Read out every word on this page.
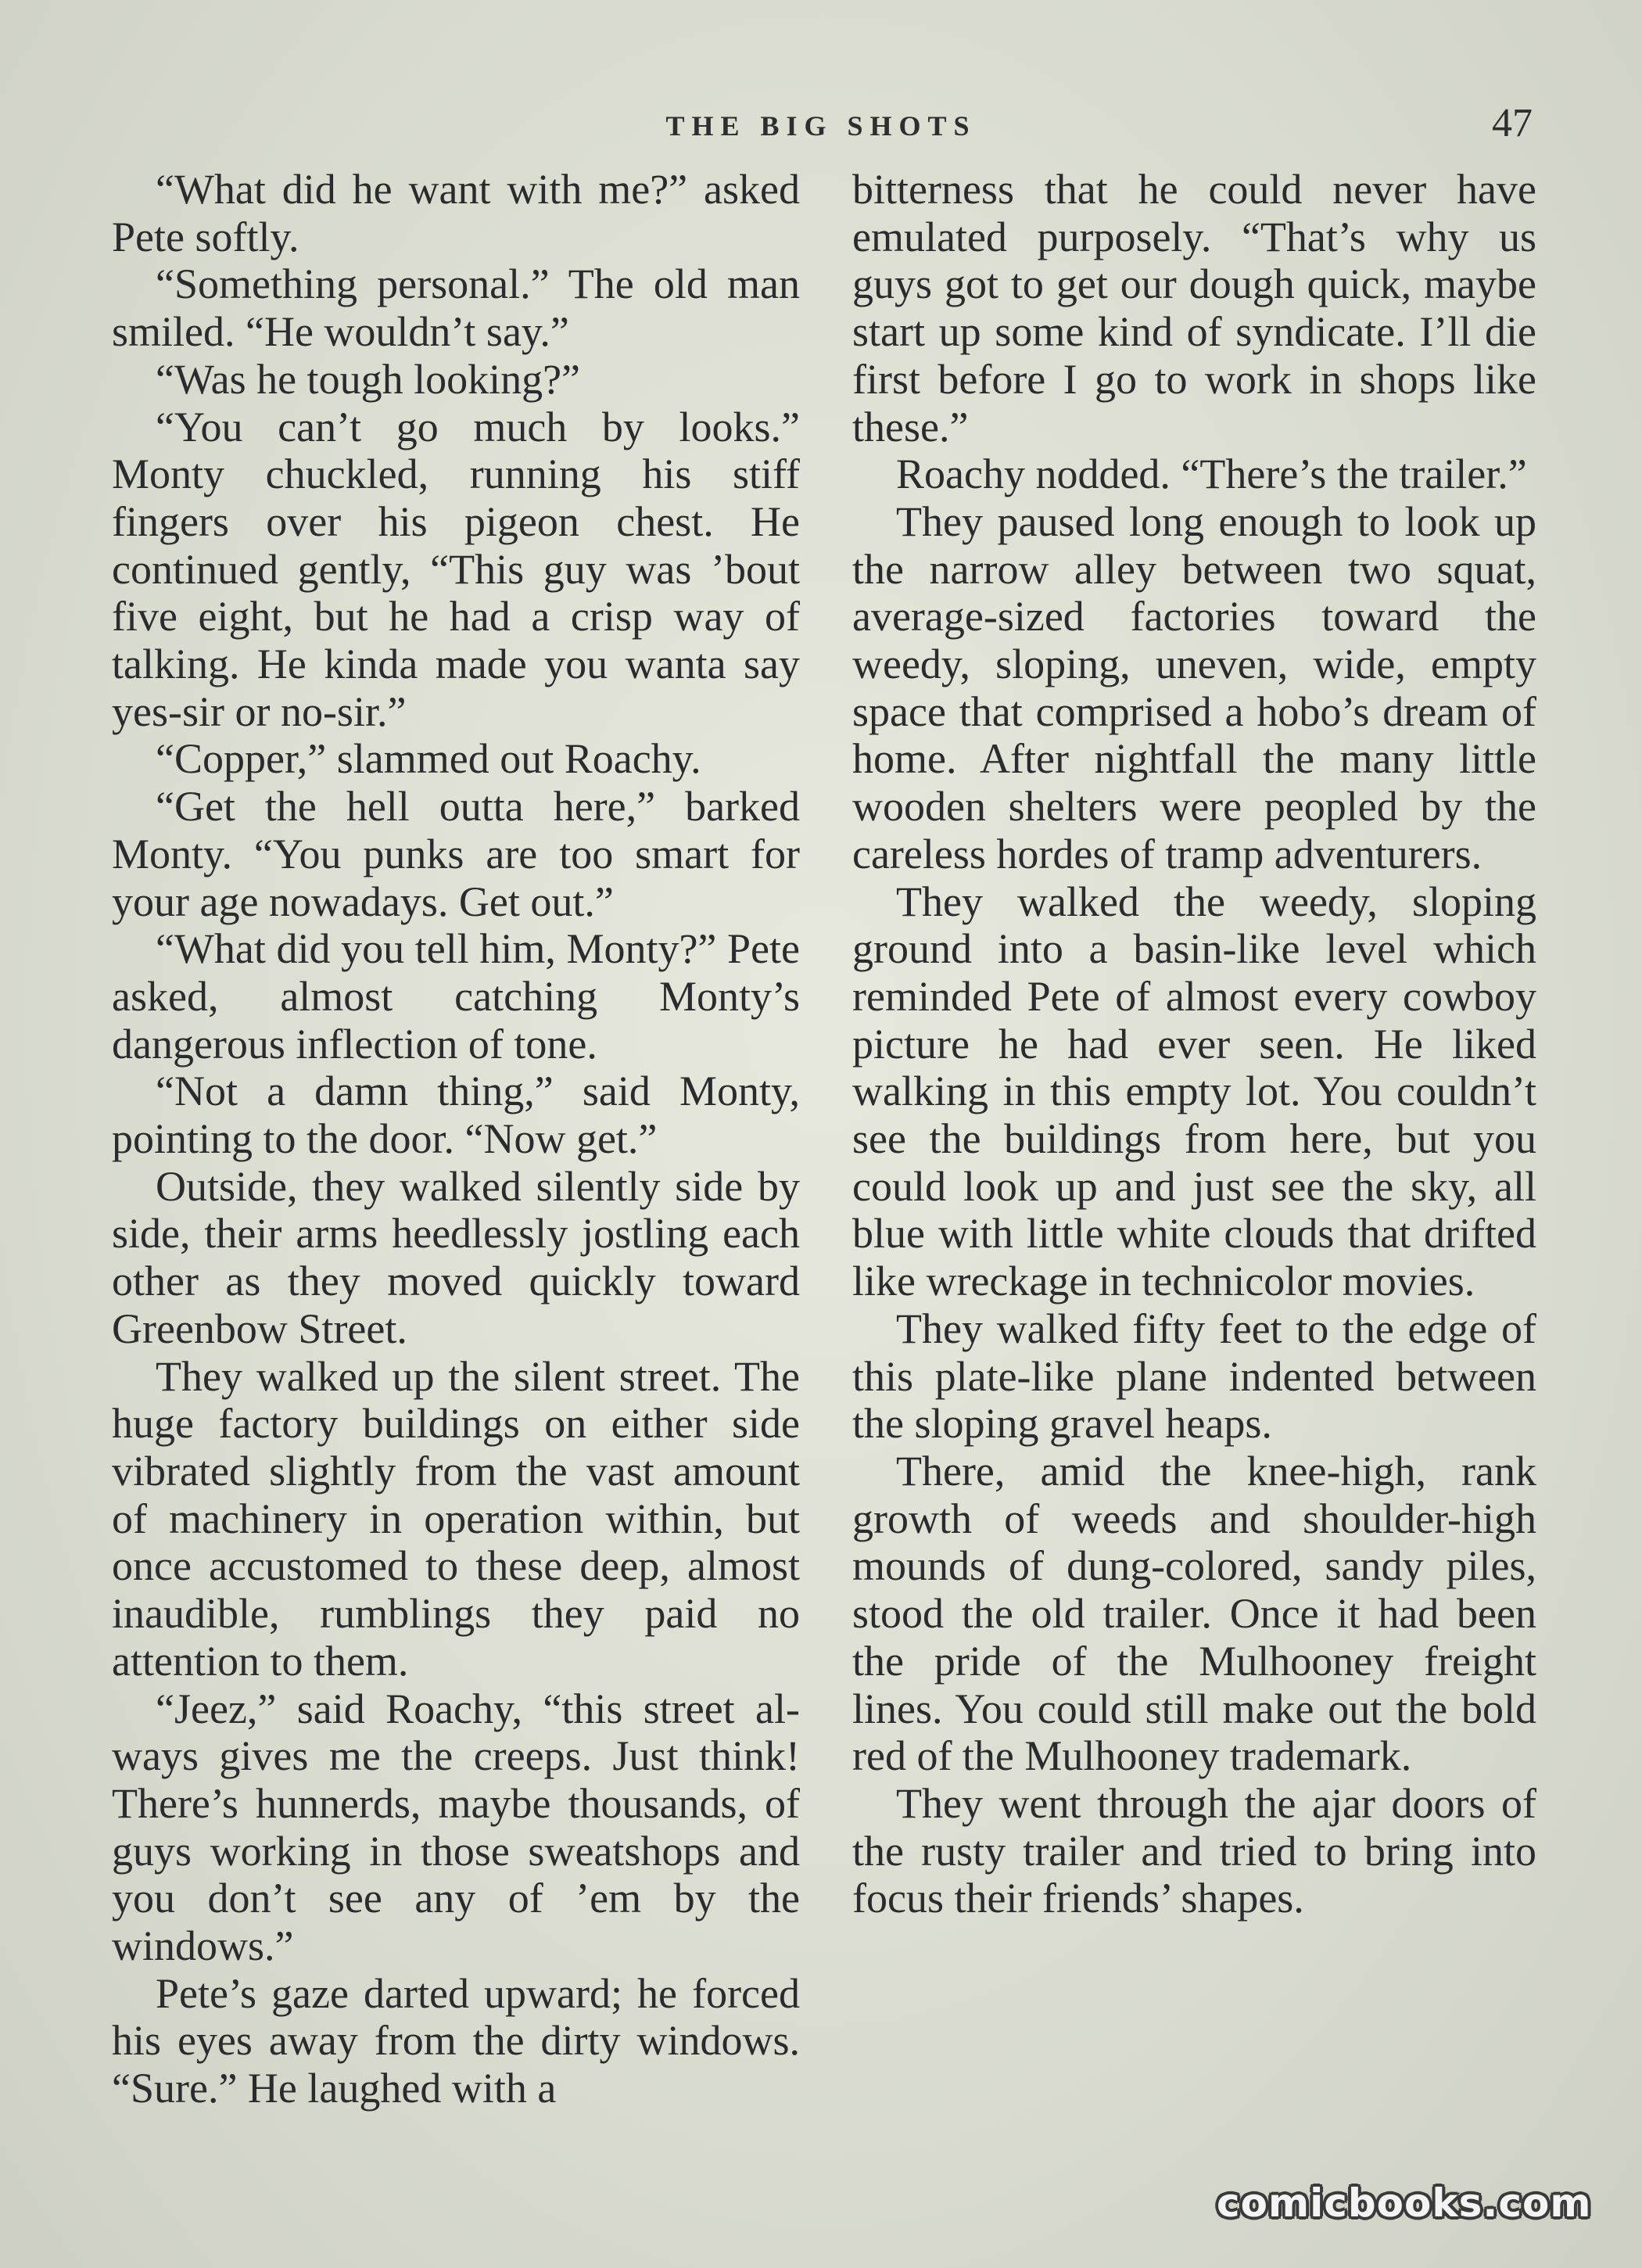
THE BIG SHOTS	47

“What did he want with me?” asked Pete softly.

“Something personal.” The old man smiled. “He wouldn’t say.”

“Was he tough looking?”

“You can’t go much by looks.” Monty chuckled, running his stiff fingers over his pigeon chest. He continued gently, “This guy was ’bout five eight, but he had a crisp way of talking. He kinda made you wanta say yes-sir or no-sir.”

“Copper,” slammed out Roachy.

“Get the hell outta here,” barked Monty. “You punks are too smart for your age nowadays. Get out.”

“What did you tell him, Monty?” Pete asked, almost catching Monty’s dangerous inflection of tone.

“Not a damn thing,” said Monty, pointing to the door. “Now get.”

Outside, they walked silently side by side, their arms heedlessly jostling each other as they moved quickly toward Greenbow Street.

They walked up the silent street. The huge factory buildings on either side vibrated slightly from the vast amount of machinery in operation within, but once accustomed to these deep, almost inaudible, rumblings they paid no attention to them.

“Jeez,” said Roachy, “this street always gives me the creeps. Just think! There’s hunnerds, maybe thousands, of guys working in those sweatshops and you don’t see any of ’em by the windows.”

Pete’s gaze darted upward; he forced his eyes away from the dirty windows. “Sure.” He laughed with a

bitterness that he could never have emulated purposely. “That’s why us guys got to get our dough quick, maybe start up some kind of syndicate. I’ll die first before I go to work in shops like these.”

Roachy nodded. “There’s the trailer.”

They paused long enough to look up the narrow alley between two squat, average-sized factories toward the weedy, sloping, uneven, wide, empty space that comprised a hobo’s dream of home. After nightfall the many little wooden shelters were peopled by the careless hordes of tramp adventurers.

They walked the weedy, sloping ground into a basin-like level which reminded Pete of almost every cowboy picture he had ever seen. He liked walking in this empty lot. You couldn’t see the buildings from here, but you could look up and just see the sky, all blue with little white clouds that drifted like wreckage in technicolor movies.

They walked fifty feet to the edge of this plate-like plane indented between the sloping gravel heaps.

There, amid the knee-high, rank growth of weeds and shoulder-high mounds of dung-colored, sandy piles, stood the old trailer. Once it had been the pride of the Mulhooney freight lines. You could still make out the bold red of the Mulhooney trademark.

They went through the ajar doors of the rusty trailer and tried to bring into focus their friends’ shapes.

comicbooks.com
